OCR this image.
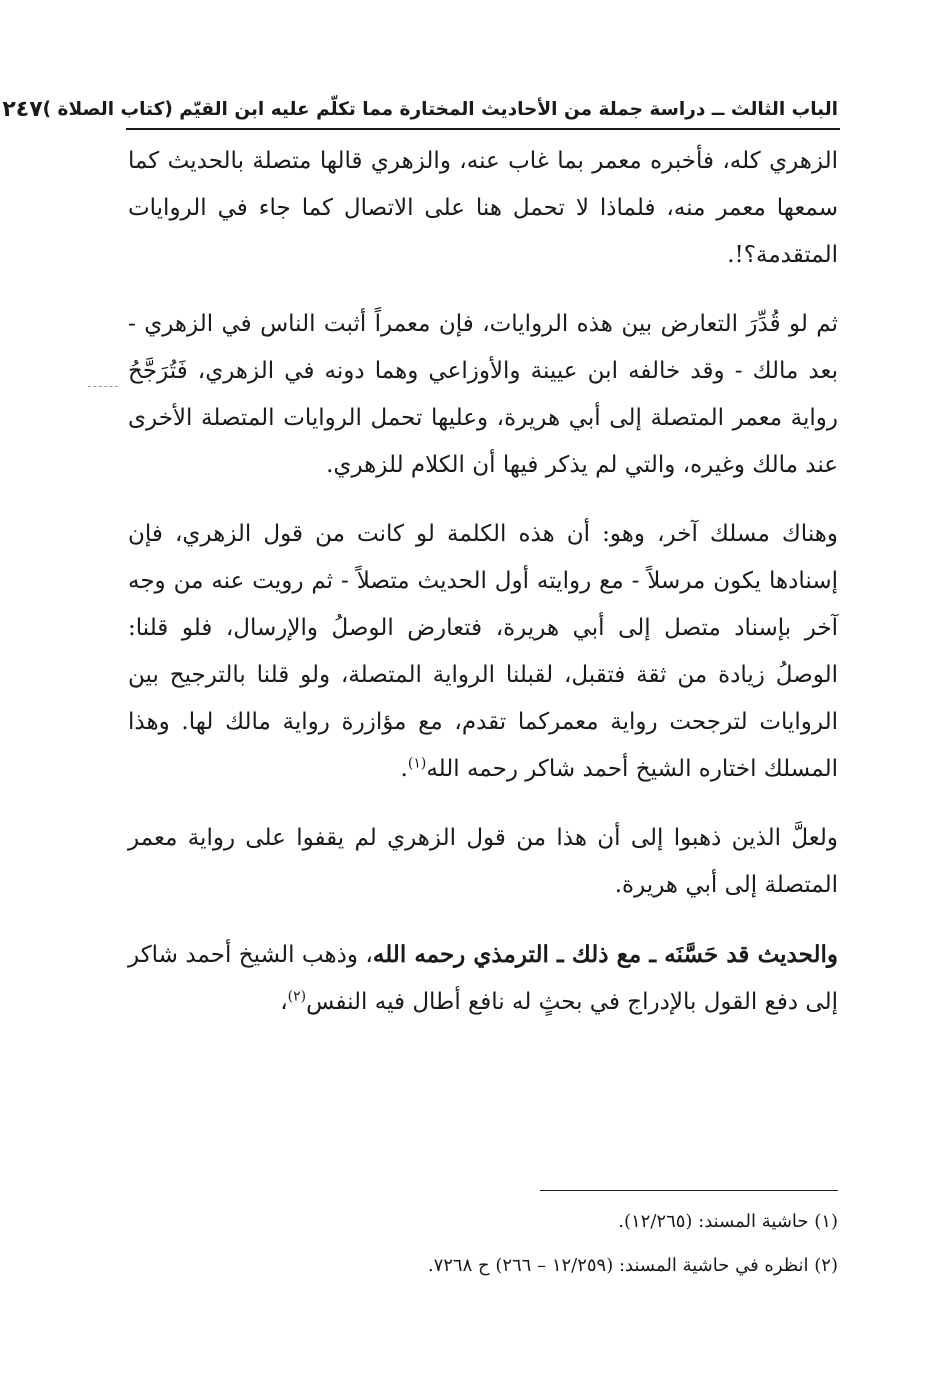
الباب الثالث ــ دراسة جملة من الأحاديث المختارة مما تكلّم عليه ابن القيّم (كتاب الصلاة )
٢٤٧

الزهري كله، فأخبره معمر بما غاب عنه، والزهري قالها متصلة بالحديث كما سمعها معمر منه، فلماذا لا تحمل هنا على الاتصال كما جاء في الروايات المتقدمة؟!.

ثم لو قُدِّرَ التعارض بين هذه الروايات، فإن معمراً أثبت الناس في الزهري - بعد مالك - وقد خالفه ابن عيينة والأوزاعي وهما دونه في الزهري، فَتُرَجَّحُ رواية معمر المتصلة إلى أبي هريرة، وعليها تحمل الروايات المتصلة الأخرى عند مالك وغيره، والتي لم يذكر فيها أن الكلام للزهري.

وهناك مسلك آخر، وهو: أن هذه الكلمة لو كانت من قول الزهري، فإن إسنادها يكون مرسلاً - مع روايته أول الحديث متصلاً - ثم رويت عنه من وجه آخر بإسناد متصل إلى أبي هريرة، فتعارض الوصلُ والإرسال، فلو قلنا: الوصلُ زيادة من ثقة فتقبل، لقبلنا الرواية المتصلة، ولو قلنا بالترجيح بين الروايات لترجحت رواية معمركما تقدم، مع مؤازرة رواية مالك لها. وهذا المسلك اختاره الشيخ أحمد شاكر رحمه الله$^{(١)}$.

ولعلَّ الذين ذهبوا إلى أن هذا من قول الزهري لم يقفوا على رواية معمر المتصلة إلى أبي هريرة.

والحديث قد حَسَّنَه ـ مع ذلك ـ الترمذي رحمه الله، وذهب الشيخ أحمد شاكر إلى دفع القول بالإدراج في بحثٍ له نافع أطال فيه النفس$^{(٢)}$،

(١) حاشية المسند: (١٢/٢٦٥).

(٢) انظره في حاشية المسند: (١٢/٢٥٩ – ٢٦٦) ح ٧٢٦٨.
